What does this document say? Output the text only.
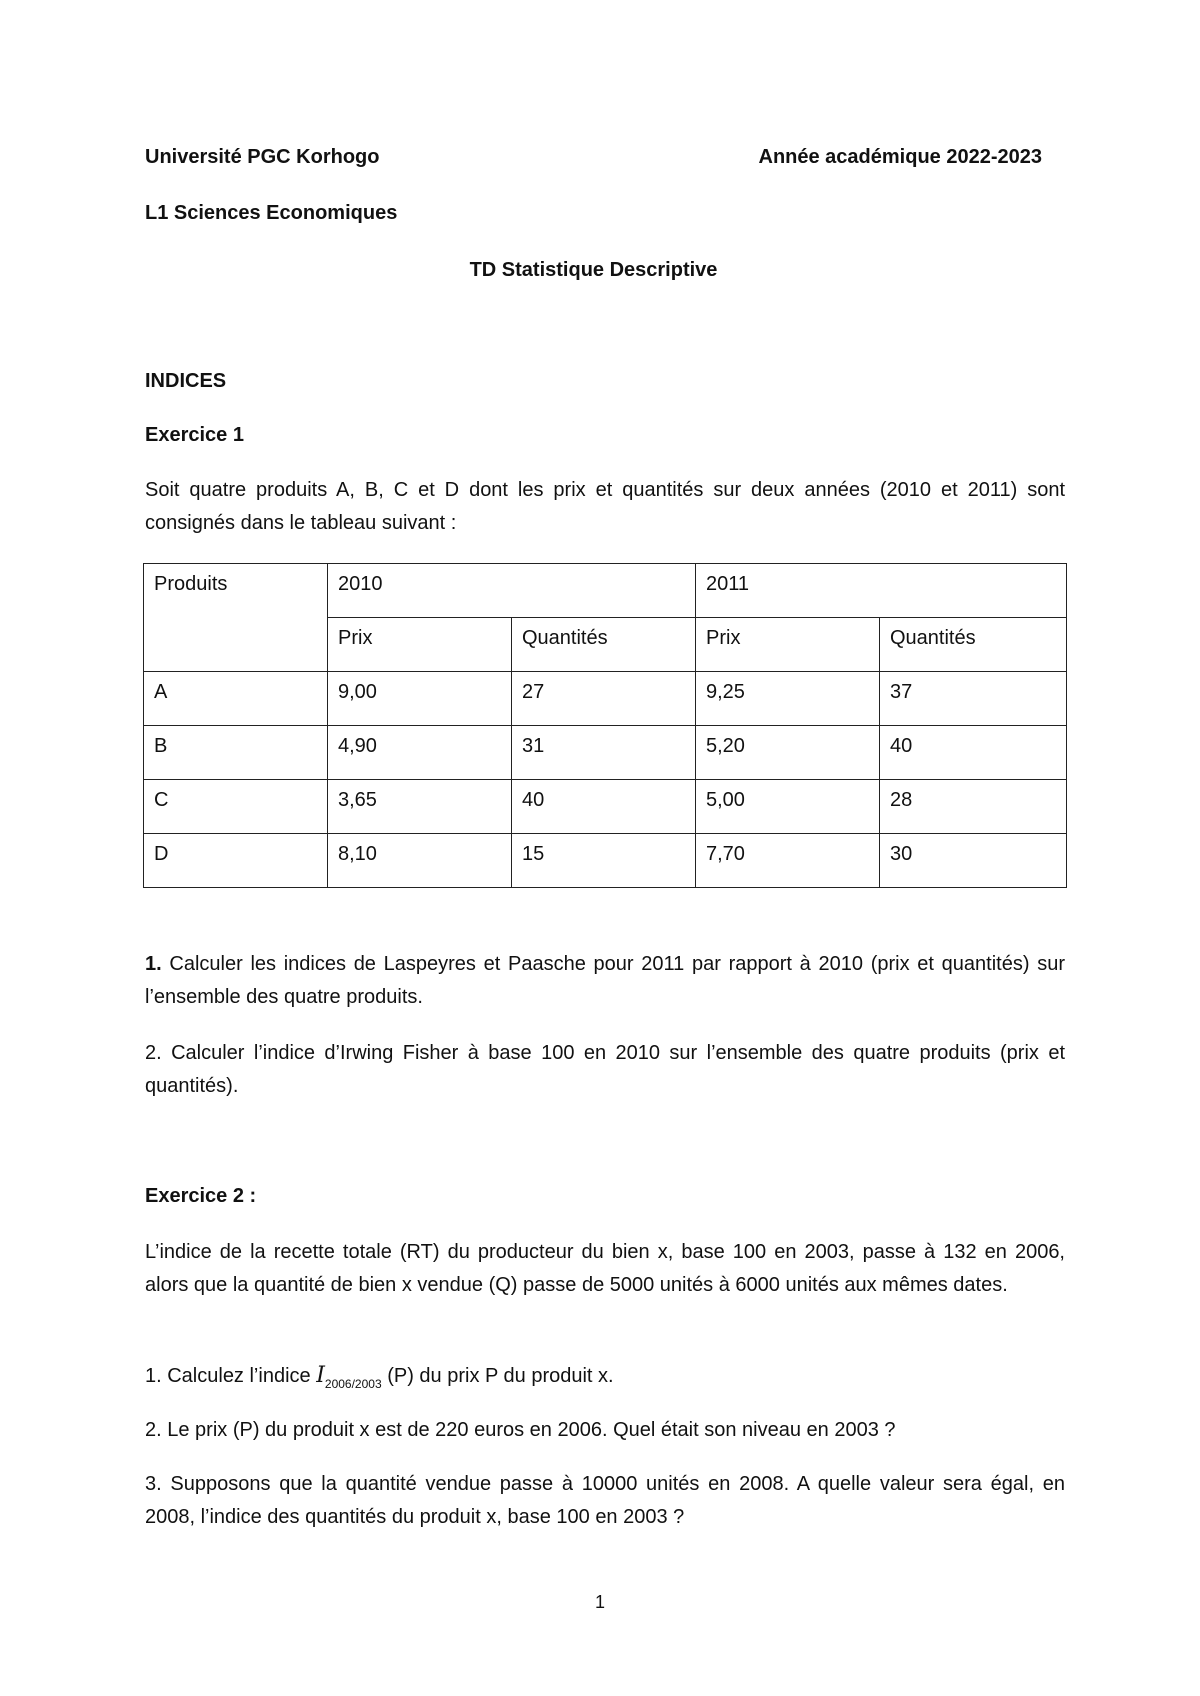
Université PGC Korhogo	Année académique 2022-2023

L1 Sciences Economiques

TD Statistique Descriptive

INDICES

Exercice 1

Soit quatre produits A, B, C et D dont les prix et quantités sur deux années (2010 et 2011) sont consignés dans le tableau suivant :

Produits	2010		2011	
	Prix	Quantités	Prix	Quantités
A	9,00	27	9,25	37
B	4,90	31	5,20	40
C	3,65	40	5,00	28
D	8,10	15	7,70	30

1. Calculer les indices de Laspeyres et Paasche pour 2011 par rapport à 2010 (prix et quantités) sur l’ensemble des quatre produits.

2. Calculer l’indice d’Irwing Fisher à base 100 en 2010 sur l’ensemble des quatre produits (prix et quantités).

Exercice 2 :

L’indice de la recette totale (RT) du producteur du bien x, base 100 en 2003, passe à 132 en 2006, alors que la quantité de bien x vendue (Q) passe de 5000 unités à 6000 unités aux mêmes dates.

1. Calculez l’indice $I_{2006/2003}$ (P) du prix P du produit x.

2. Le prix (P) du produit x est de 220 euros en 2006. Quel était son niveau en 2003 ?

3. Supposons que la quantité vendue passe à 10000 unités en 2008. A quelle valeur sera égal, en 2008, l’indice des quantités du produit x, base 100 en 2003 ?

1
